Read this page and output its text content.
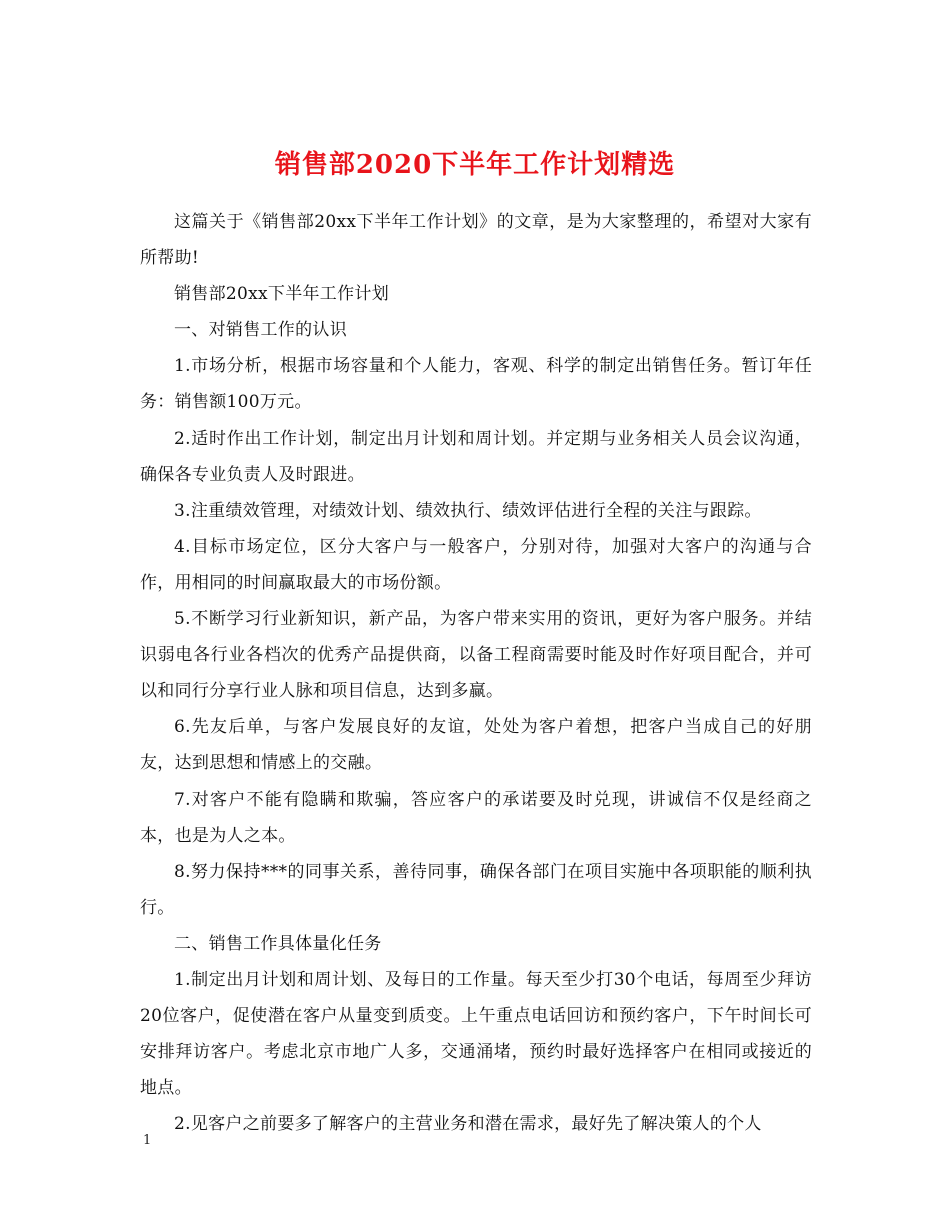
销售部2020下半年工作计划精选

这篇关于《销售部20xx下半年工作计划》的文章，是为大家整理的，希望对大家有所帮助!

销售部20xx下半年工作计划

一、对销售工作的认识

1.市场分析，根据市场容量和个人能力，客观、科学的制定出销售任务。暂订年任务：销售额100万元。

2.适时作出工作计划，制定出月计划和周计划。并定期与业务相关人员会议沟通，确保各专业负责人及时跟进。

3.注重绩效管理，对绩效计划、绩效执行、绩效评估进行全程的关注与跟踪。

4.目标市场定位，区分大客户与一般客户，分别对待，加强对大客户的沟通与合作，用相同的时间赢取最大的市场份额。

5.不断学习行业新知识，新产品，为客户带来实用的资讯，更好为客户服务。并结识弱电各行业各档次的优秀产品提供商，以备工程商需要时能及时作好项目配合，并可以和同行分享行业人脉和项目信息，达到多赢。

6.先友后单，与客户发展良好的友谊，处处为客户着想，把客户当成自己的好朋友，达到思想和情感上的交融。

7.对客户不能有隐瞒和欺骗，答应客户的承诺要及时兑现，讲诚信不仅是经商之本，也是为人之本。

8.努力保持***的同事关系，善待同事，确保各部门在项目实施中各项职能的顺利执行。

二、销售工作具体量化任务

1.制定出月计划和周计划、及每日的工作量。每天至少打30个电话，每周至少拜访20位客户，促使潜在客户从量变到质变。上午重点电话回访和预约客户，下午时间长可安排拜访客户。考虑北京市地广人多，交通涌堵，预约时最好选择客户在相同或接近的地点。

2.见客户之前要多了解客户的主营业务和潜在需求，最好先了解决策人的个人

1
